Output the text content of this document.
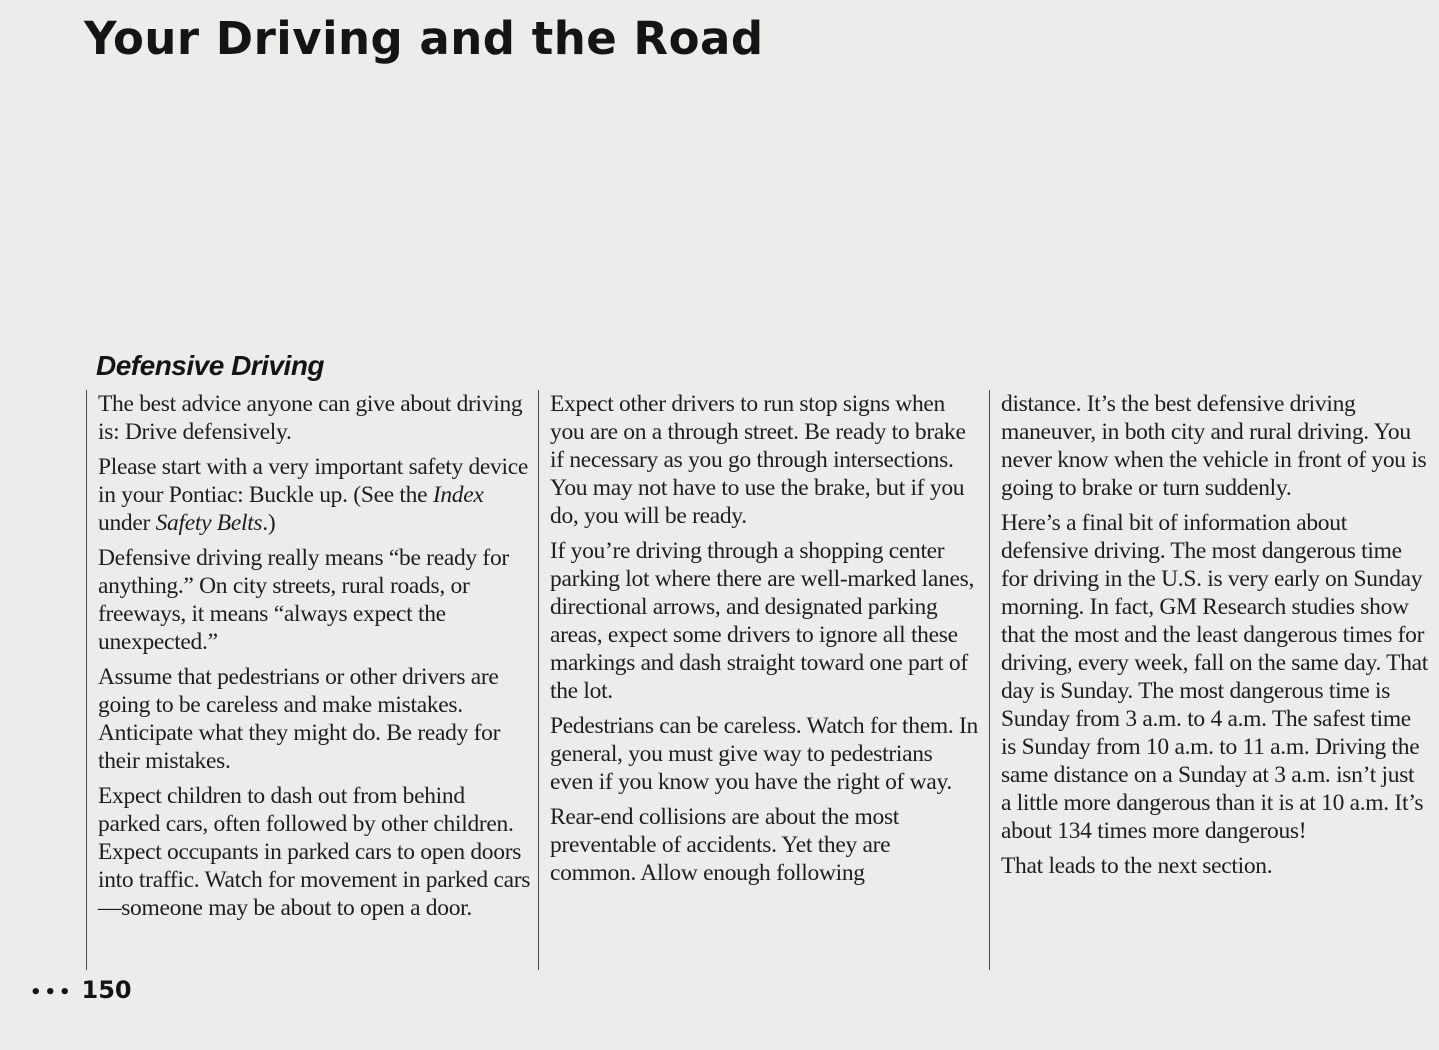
Your Driving and the Road
Defensive Driving

The best advice anyone can give about driving is: Drive defensively.

Please start with a very important safety device in your Pontiac: Buckle up. (See the Index under Safety Belts.)

Defensive driving really means “be ready for anything.” On city streets, rural roads, or freeways, it means “always expect the unexpected.”

Assume that pedestrians or other drivers are going to be careless and make mistakes. Anticipate what they might do. Be ready for their mistakes.

Expect children to dash out from behind parked cars, often followed by other children. Expect occupants in parked cars to open doors into traffic. Watch for movement in parked cars—someone may be about to open a door.

Expect other drivers to run stop signs when you are on a through street. Be ready to brake if necessary as you go through intersections. You may not have to use the brake, but if you do, you will be ready.

If you’re driving through a shopping center parking lot where there are well-marked lanes, directional arrows, and designated parking areas, expect some drivers to ignore all these markings and dash straight toward one part of the lot.

Pedestrians can be careless. Watch for them. In general, you must give way to pedestrians even if you know you have the right of way.

Rear-end collisions are about the most preventable of accidents. Yet they are common. Allow enough following

distance. It’s the best defensive driving maneuver, in both city and rural driving. You never know when the vehicle in front of you is going to brake or turn suddenly.

Here’s a final bit of information about defensive driving. The most dangerous time for driving in the U.S. is very early on Sunday morning. In fact, GM Research studies show that the most and the least dangerous times for driving, every week, fall on the same day. That day is Sunday. The most dangerous time is Sunday from 3 a.m. to 4 a.m. The safest time is Sunday from 10 a.m. to 11 a.m. Driving the same distance on a Sunday at 3 a.m. isn’t just a little more dangerous than it is at 10 a.m. It’s about 134 times more dangerous!

That leads to the next section.

••• 150
